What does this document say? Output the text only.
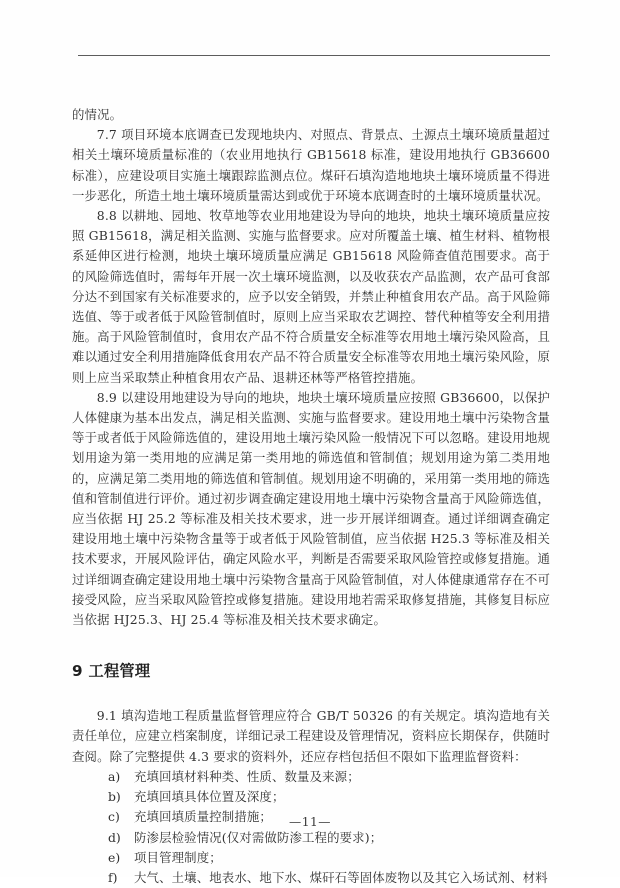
的情况。

7.7 项目环境本底调查已发现地块内、对照点、背景点、土源点土壤环境质量超过相关土壤环境质量标准的（农业用地执行 GB15618 标准，建设用地执行 GB36600 标准），应建设项目实施土壤跟踪监测点位。煤矸石填沟造地地块土壤环境质量不得进一步恶化，所造土地土壤环境质量需达到或优于环境本底调查时的土壤环境质量状况。

8.8 以耕地、园地、牧草地等农业用地建设为导向的地块，地块土壤环境质量应按照 GB15618，满足相关监测、实施与监督要求。应对所覆盖土壤、植生材料、植物根系延伸区进行检测，地块土壤环境质量应满足 GB15618 风险筛查值范围要求。高于的风险筛选值时，需每年开展一次土壤环境监测，以及收获农产品监测，农产品可食部分达不到国家有关标准要求的，应予以安全销毁，并禁止种植食用农产品。高于风险筛选值、等于或者低于风险管制值时，原则上应当采取农艺调控、替代种植等安全利用措施。高于风险管制值时，食用农产品不符合质量安全标准等农用地土壤污染风险高，且难以通过安全利用措施降低食用农产品不符合质量安全标准等农用地土壤污染风险，原则上应当采取禁止种植食用农产品、退耕还林等严格管控措施。

8.9 以建设用地建设为导向的地块，地块土壤环境质量应按照 GB36600，以保护人体健康为基本出发点，满足相关监测、实施与监督要求。建设用地土壤中污染物含量等于或者低于风险筛选值的，建设用地土壤污染风险一般情况下可以忽略。建设用地规划用途为第一类用地的应满足第一类用地的筛选值和管制值；规划用途为第二类用地的，应满足第二类用地的筛选值和管制值。规划用途不明确的，采用第一类用地的筛选值和管制值进行评价。通过初步调查确定建设用地土壤中污染物含量高于风险筛选值，应当依据 HJ 25.2 等标准及相关技术要求，进一步开展详细调查。通过详细调查确定建设用地土壤中污染物含量等于或者低于风险管制值，应当依据 H25.3 等标准及相关技术要求，开展风险评估，确定风险水平，判断是否需要采取风险管控或修复措施。通过详细调查确定建设用地土壤中污染物含量高于风险管制值，对人体健康通常存在不可接受风险，应当采取风险管控或修复措施。建设用地若需采取修复措施，其修复目标应当依据 HJ25.3、HJ 25.4 等标准及相关技术要求确定。

9 工程管理

9.1 填沟造地工程质量监督管理应符合 GB/T 50326 的有关规定。填沟造地有关责任单位，应建立档案制度，详细记录工程建设及管理情况，资料应长期保存，供随时查阅。除了完整提供 4.3 要求的资料外，还应存档包括但不限如下监理监督资料：

a)	充填回填材料种类、性质、数量及来源；
b)	充填回填具体位置及深度；
c)	充填回填质量控制措施；
d)	防渗层检验情况(仅对需做防渗工程的要求)；
e)	项目管理制度；
f)	大气、土壤、地表水、地下水、煤矸石等固体废物以及其它入场试剂、材料
—11—
